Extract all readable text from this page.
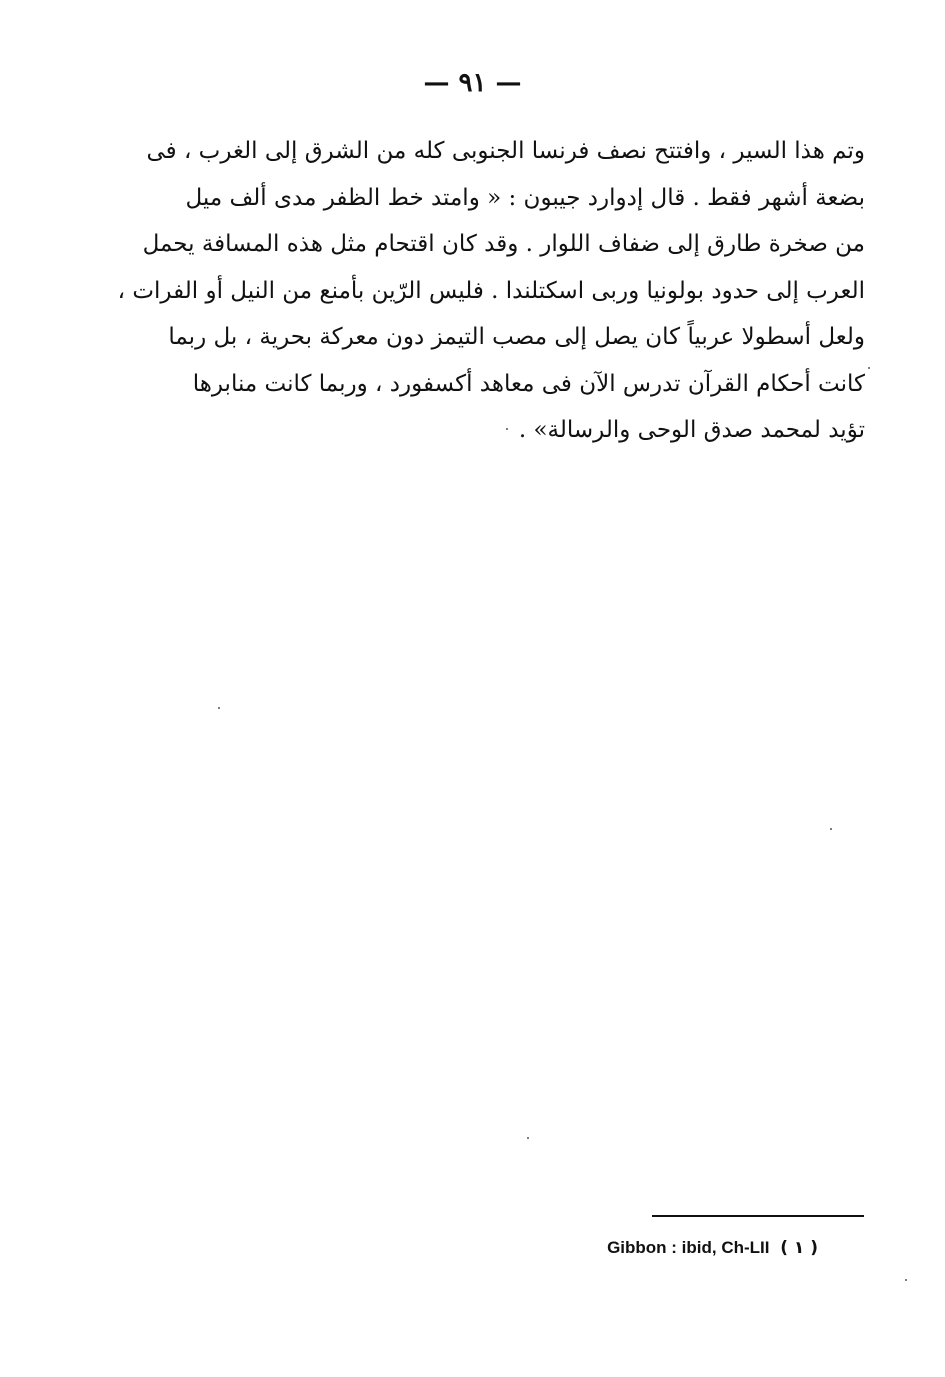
— ٩١ —
وتم هذا السير ، وافتتح نصف فرنسا الجنوبى كله من الشرق إلى الغرب ، فى
بضعة أشهر فقط . قال إدوارد جيبون : « وامتد خط الظفر مدى ألف ميل
من صخرة طارق إلى ضفاف اللوار . وقد كان اقتحام مثل هذه المسافة يحمل
العرب إلى حدود بولونيا وربى اسكتلندا . فليس الرّين بأمنع من النيل أو الفرات ،
ولعل أسطولا عربياً كان يصل إلى مصب التيمز دون معركة بحرية ، بل ربما
كانت أحكام القرآن تدرس الآن فى معاهد أكسفورد ، وربما كانت منابرها
تؤيد لمحمد صدق الوحى والرسالة» .
Gibbon : ibid, Ch-LII ( ١ )
